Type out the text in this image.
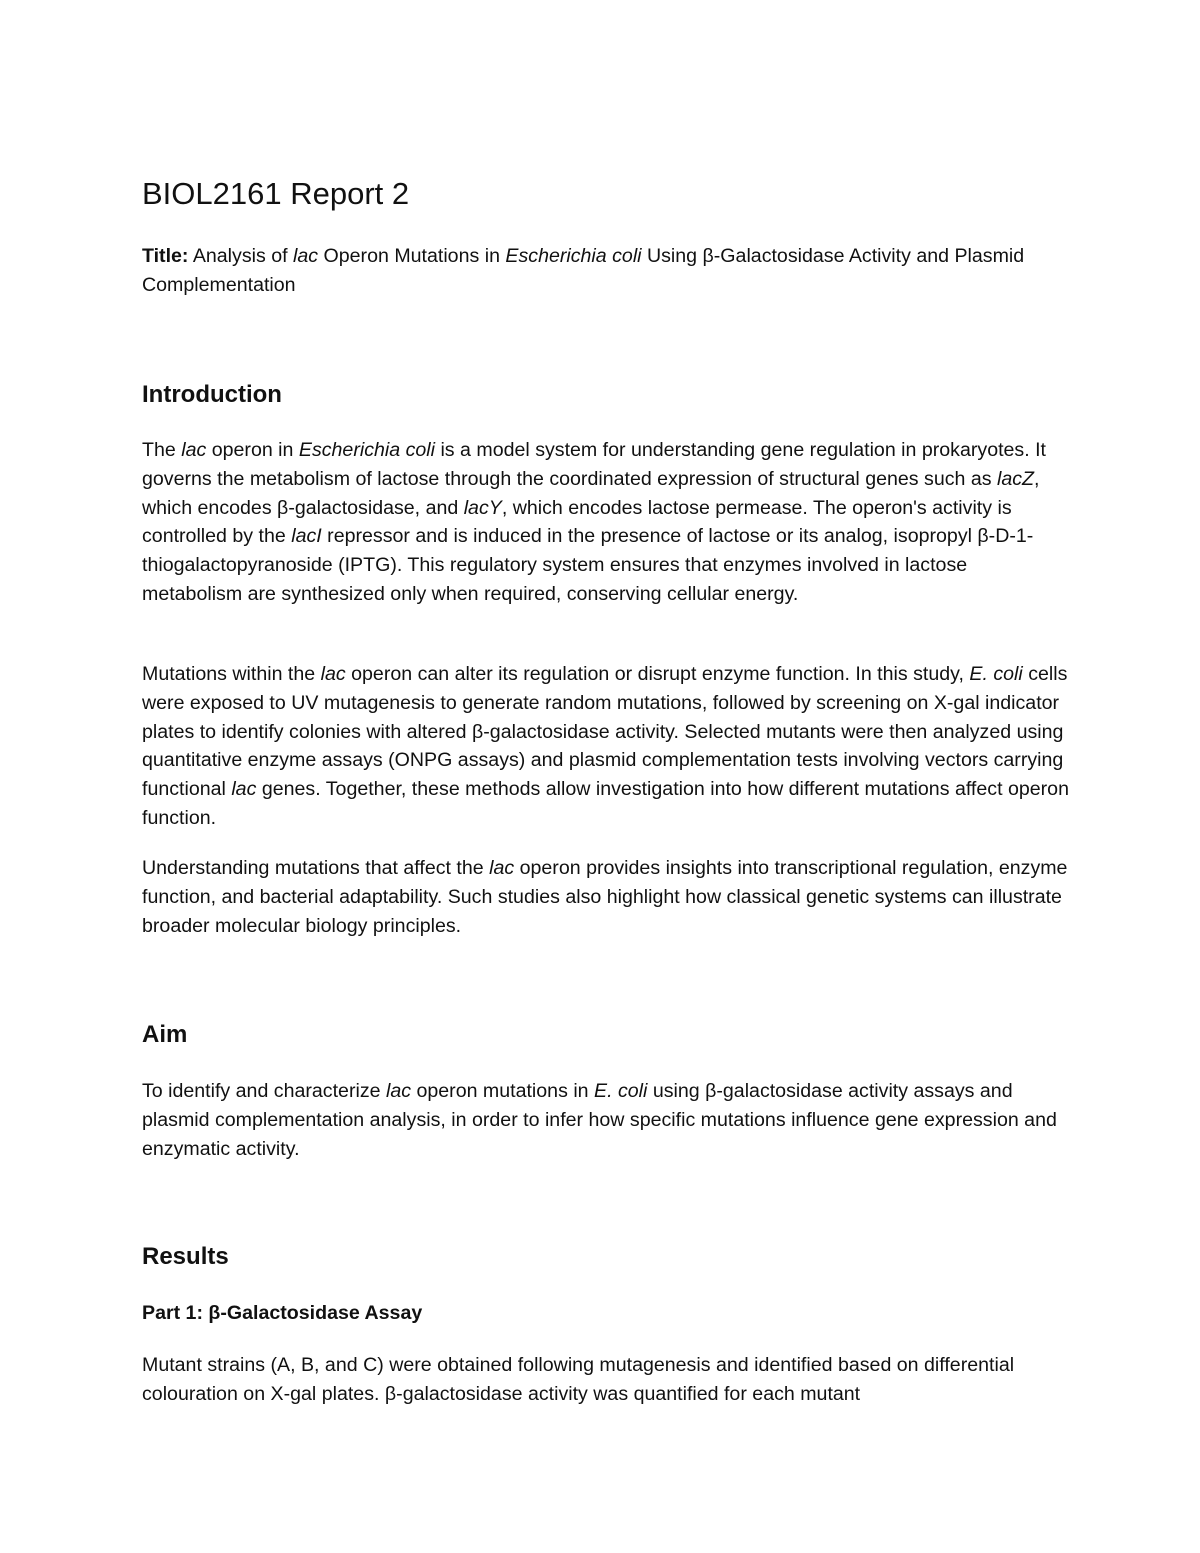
BIOL2161 Report 2
Title: Analysis of lac Operon Mutations in Escherichia coli Using β-Galactosidase Activity and Plasmid Complementation
Introduction

The lac operon in Escherichia coli is a model system for understanding gene regulation in prokaryotes. It governs the metabolism of lactose through the coordinated expression of structural genes such as lacZ, which encodes β-galactosidase, and lacY, which encodes lactose permease. The operon's activity is controlled by the lacI repressor and is induced in the presence of lactose or its analog, isopropyl β-D-1-thiogalactopyranoside (IPTG). This regulatory system ensures that enzymes involved in lactose metabolism are synthesized only when required, conserving cellular energy.

Mutations within the lac operon can alter its regulation or disrupt enzyme function. In this study, E. coli cells were exposed to UV mutagenesis to generate random mutations, followed by screening on X-gal indicator plates to identify colonies with altered β-galactosidase activity. Selected mutants were then analyzed using quantitative enzyme assays (ONPG assays) and plasmid complementation tests involving vectors carrying functional lac genes. Together, these methods allow investigation into how different mutations affect operon function.

Understanding mutations that affect the lac operon provides insights into transcriptional regulation, enzyme function, and bacterial adaptability. Such studies also highlight how classical genetic systems can illustrate broader molecular biology principles.

Aim

To identify and characterize lac operon mutations in E. coli using β-galactosidase activity assays and plasmid complementation analysis, in order to infer how specific mutations influence gene expression and enzymatic activity.

Results
Part 1: β-Galactosidase Assay

Mutant strains (A, B, and C) were obtained following mutagenesis and identified based on differential colouration on X-gal plates. β-galactosidase activity was quantified for each mutant
